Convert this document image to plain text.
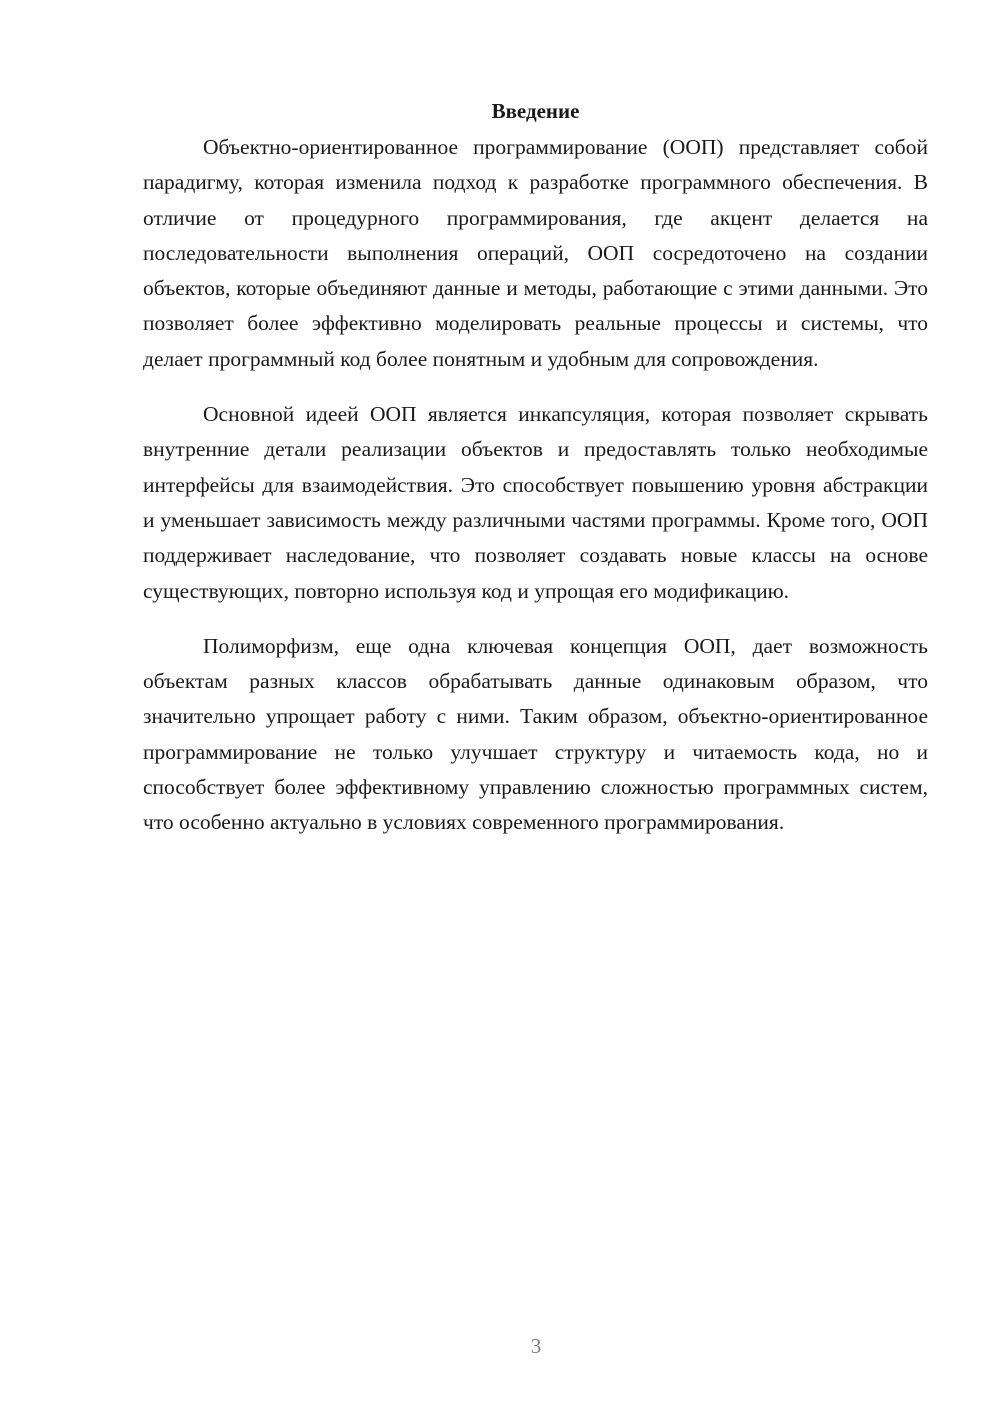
Введение

Объектно-ориентированное программирование (ООП) представляет собой парадигму, которая изменила подход к разработке программного обеспечения. В отличие от процедурного программирования, где акцент делается на последовательности выполнения операций, ООП сосредоточено на создании объектов, которые объединяют данные и методы, работающие с этими данными. Это позволяет более эффективно моделировать реальные процессы и системы, что делает программный код более понятным и удобным для сопровождения.

Основной идеей ООП является инкапсуляция, которая позволяет скрывать внутренние детали реализации объектов и предоставлять только необходимые интерфейсы для взаимодействия. Это способствует повышению уровня абстракции и уменьшает зависимость между различными частями программы. Кроме того, ООП поддерживает наследование, что позволяет создавать новые классы на основе существующих, повторно используя код и упрощая его модификацию.

Полиморфизм, еще одна ключевая концепция ООП, дает возможность объектам разных классов обрабатывать данные одинаковым образом, что значительно упрощает работу с ними. Таким образом, объектно-ориентированное программирование не только улучшает структуру и читаемость кода, но и способствует более эффективному управлению сложностью программных систем, что особенно актуально в условиях современного программирования.

3
